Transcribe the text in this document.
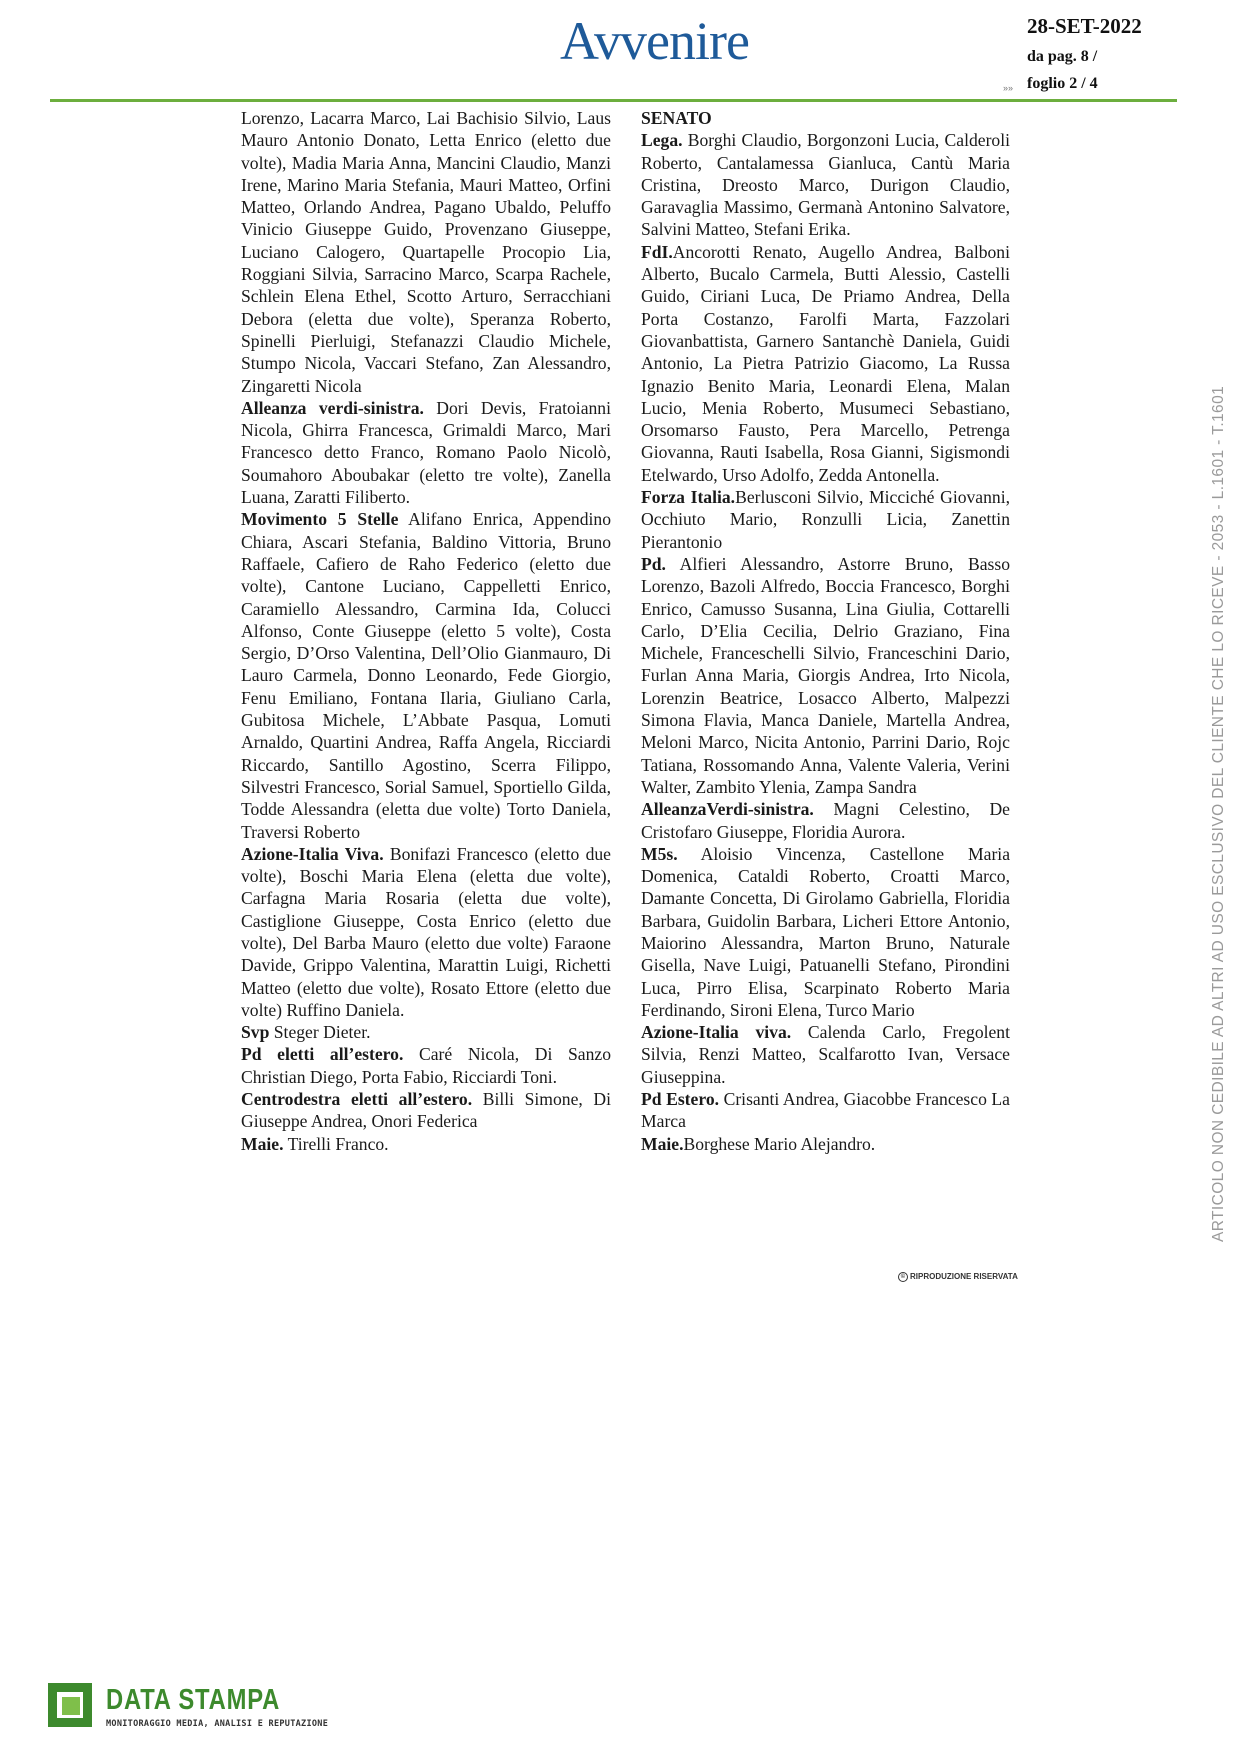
Avvenire	28-SET-2022
da pag. 8 /
foglio 2 / 4
»»

Lorenzo, Lacarra Marco, Lai Bachisio Silvio, Laus Mauro Antonio Donato, Letta Enrico (eletto due volte), Madia Maria Anna, Mancini Claudio, Manzi Irene, Marino Maria Stefania, Mauri Matteo, Orfini Matteo, Orlando Andrea, Pagano Ubaldo, Peluffo Vinicio Giuseppe Guido, Provenzano Giuseppe, Luciano Calogero, Quartapelle Procopio Lia, Roggiani Silvia, Sarracino Marco, Scarpa Rachele, Schlein Elena Ethel, Scotto Arturo, Serracchiani Debora (eletta due volte), Speranza Roberto, Spinelli Pierluigi, Stefanazzi Claudio Michele, Stumpo Nicola, Vaccari Stefano, Zan Alessandro, Zingaretti Nicola

Alleanza verdi-sinistra. Dori Devis, Fratoianni Nicola, Ghirra Francesca, Grimaldi Marco, Mari Francesco detto Franco, Romano Paolo Nicolò, Soumahoro Aboubakar (eletto tre volte), Zanella Luana, Zaratti Filiberto.

Movimento 5 Stelle Alifano Enrica, Appendino Chiara, Ascari Stefania, Baldino Vittoria, Bruno Raffaele, Cafiero de Raho Federico (eletto due volte), Cantone Luciano, Cappelletti Enrico, Caramiello Alessandro, Carmina Ida, Colucci Alfonso, Conte Giuseppe (eletto 5 volte), Costa Sergio, D’Orso Valentina, Dell’Olio Gianmauro, Di Lauro Carmela, Donno Leonardo, Fede Giorgio, Fenu Emiliano, Fontana Ilaria, Giuliano Carla, Gubitosa Michele, L’Abbate Pasqua, Lomuti Arnaldo, Quartini Andrea, Raffa Angela, Ricciardi Riccardo, Santillo Agostino, Scerra Filippo, Silvestri Francesco, Sorial Samuel, Sportiello Gilda, Todde Alessandra (eletta due volte) Torto Daniela, Traversi Roberto

Azione-Italia Viva. Bonifazi Francesco (eletto due volte), Boschi Maria Elena (eletta due volte), Carfagna Maria Rosaria (eletta due volte), Castiglione Giuseppe, Costa Enrico (eletto due volte), Del Barba Mauro (eletto due volte) Faraone Davide, Grippo Valentina, Marattin Luigi, Richetti Matteo (eletto due volte), Rosato Ettore (eletto due volte) Ruffino Daniela.

Svp Steger Dieter.

Pd eletti all’estero. Caré Nicola, Di Sanzo Christian Diego, Porta Fabio, Ricciardi Toni.

Centrodestra eletti all’estero. Billi Simone, Di Giuseppe Andrea, Onori Federica

Maie. Tirelli Franco.

SENATO

Lega. Borghi Claudio, Borgonzoni Lucia, Calderoli Roberto, Cantalamessa Gianluca, Cantù Maria Cristina, Dreosto Marco, Durigon Claudio, Garavaglia Massimo, Germanà Antonino Salvatore, Salvini Matteo, Stefani Erika.

FdI.Ancorotti Renato, Augello Andrea, Balboni Alberto, Bucalo Carmela, Butti Alessio, Castelli Guido, Ciriani Luca, De Priamo Andrea, Della Porta Costanzo, Farolfi Marta, Fazzolari Giovanbattista, Garnero Santanchè Daniela, Guidi Antonio, La Pietra Patrizio Giacomo, La Russa Ignazio Benito Maria, Leonardi Elena, Malan Lucio, Menia Roberto, Musumeci Sebastiano, Orsomarso Fausto, Pera Marcello, Petrenga Giovanna, Rauti Isabella, Rosa Gianni, Sigismondi Etelwardo, Urso Adolfo, Zedda Antonella.

Forza Italia.Berlusconi Silvio, Micciché Giovanni, Occhiuto Mario, Ronzulli Licia, Zanettin Pierantonio

Pd. Alfieri Alessandro, Astorre Bruno, Basso Lorenzo, Bazoli Alfredo, Boccia Francesco, Borghi Enrico, Camusso Susanna, Lina Giulia, Cottarelli Carlo, D’Elia Cecilia, Delrio Graziano, Fina Michele, Franceschelli Silvio, Franceschini Dario, Furlan Anna Maria, Giorgis Andrea, Irto Nicola, Lorenzin Beatrice, Losacco Alberto, Malpezzi Simona Flavia, Manca Daniele, Martella Andrea, Meloni Marco, Nicita Antonio, Parrini Dario, Rojc Tatiana, Rossomando Anna, Valente Valeria, Verini Walter, Zambito Ylenia, Zampa Sandra

AlleanzaVerdi-sinistra. Magni Celestino, De Cristofaro Giuseppe, Floridia Aurora.

M5s. Aloisio Vincenza, Castellone Maria Domenica, Cataldi Roberto, Croatti Marco, Damante Concetta, Di Girolamo Gabriella, Floridia Barbara, Guidolin Barbara, Licheri Ettore Antonio, Maiorino Alessandra, Marton Bruno, Naturale Gisella, Nave Luigi, Patuanelli Stefano, Pirondini Luca, Pirro Elisa, Scarpinato Roberto Maria Ferdinando, Sironi Elena, Turco Mario

Azione-Italia viva. Calenda Carlo, Fregolent Silvia, Renzi Matteo, Scalfarotto Ivan, Versace Giuseppina.

Pd Estero. Crisanti Andrea, Giacobbe Francesco La Marca

Maie.Borghese Mario Alejandro.

© RIPRODUZIONE RISERVATA
ARTICOLO NON CEDIBILE AD ALTRI AD USO ESCLUSIVO DEL CLIENTE CHE LO RICEVE - 2053 - L.1601 - T.1601
DATA STAMPA
MONITORAGGIO MEDIA, ANALISI E REPUTAZIONE
